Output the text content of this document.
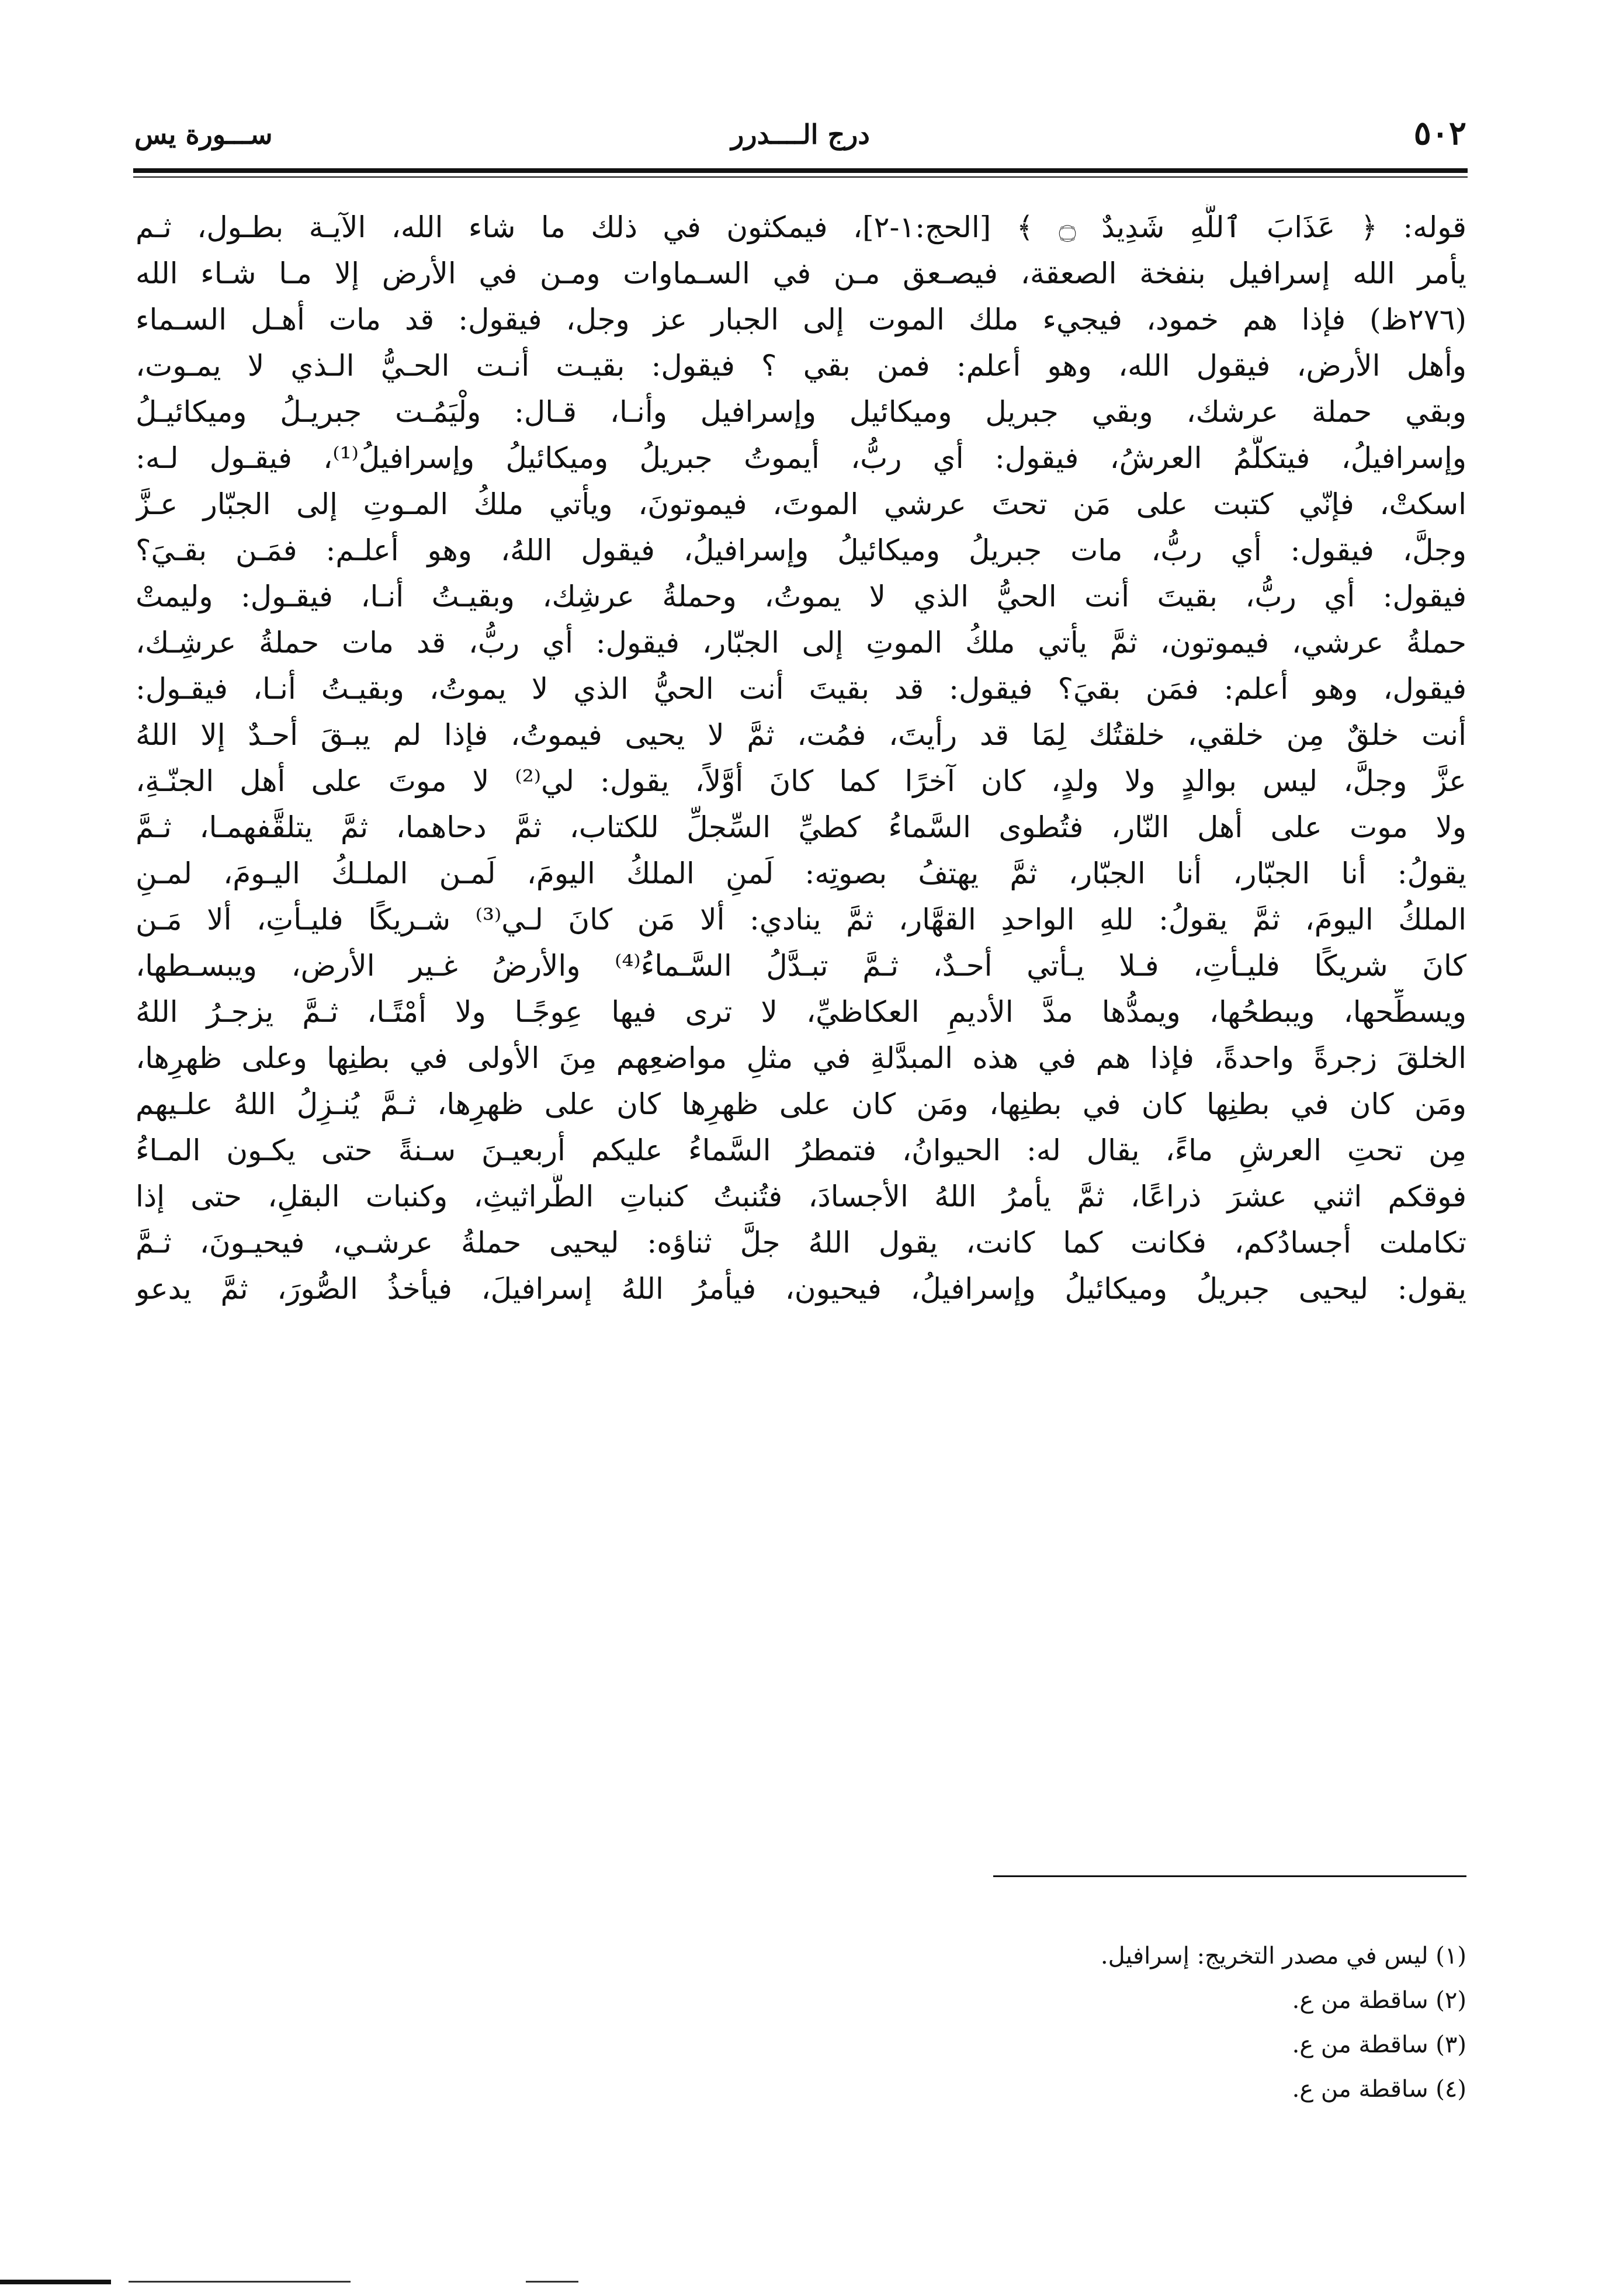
٥٠٢
درج الــــدرر
ســـورة يس
قوله: ﴿ عَذَابَ ٱللَّهِ شَدِيدٌ ۝ ﴾ [الحج:١-٢]، فيمكثون في ذلك ما شاء الله، الآيـة بطـول، ثـم
يأمر الله إسرافيل بنفخة الصعقة، فيصـعق مـن في السـماوات ومـن في الأرض إلا مـا شـاء الله
(٢٧٦ظ) فإذا هم خمود، فيجيء ملك الموت إلى الجبار عز وجل، فيقول: قد مات أهـل السـماء
وأهل الأرض، فيقول الله، وهو أعلم: فمن بقي ؟ فيقول: بقيـت أنـت الحـيُّ الـذي لا يمـوت،
وبقي حملة عرشك، وبقي جبريل وميكائيل وإسرافيل وأنـا، قـال: ولْيَمُـت جبريـلُ وميكائيـلُ
وإسرافيلُ، فيتكلَّمُ العرشُ، فيقول: أي ربُّ، أيموتُ جبريلُ وميكائيلُ وإسرافيلُ⁽¹⁾، فيقـول لـه:
اسكتْ، فإنّي كتبت على مَن تحتَ عرشي الموتَ، فيموتونَ، ويأتي ملكُ المـوتِ إلى الجبّار عـزَّ
وجلَّ، فيقول: أي ربُّ، مات جبريلُ وميكائيلُ وإسرافيلُ، فيقول اللهُ، وهو أعلـم: فمَـن بقـيَ؟
فيقول: أي ربُّ، بقيتَ أنت الحيُّ الذي لا يموتُ، وحملةُ عرشِك، وبقيـتُ أنـا، فيقـول: وليمتْ
حملةُ عرشي، فيموتون، ثمَّ يأتي ملكُ الموتِ إلى الجبّار، فيقول: أي ربُّ، قد مات حملةُ عرشِـك،
فيقول، وهو أعلم: فمَن بقيَ؟ فيقول: قد بقيتَ أنت الحيُّ الذي لا يموتُ، وبقيـتُ أنـا، فيقـول:
أنت خلقٌ مِن خلقي، خلقتُك لِمَا قد رأيتَ، فمُت، ثمَّ لا يحيى فيموتُ، فإذا لم يبـقَ أحـدٌ إلا اللهُ
عزَّ وجلَّ، ليس بوالدٍ ولا ولدٍ، كان آخرًا كما كانَ أوَّلاً، يقول: لي⁽²⁾ لا موتَ على أهل الجنّـةِ،
ولا موت على أهل النّار، فتُطوى السَّماءُ كطيِّ السِّجلِّ للكتاب، ثمَّ دحاهما، ثمَّ يتلقَّفهمـا، ثـمَّ
يقولُ: أنا الجبّار، أنا الجبّار، ثمَّ يهتفُ بصوتِه: لَمنِ الملكُ اليومَ، لَمـن الملـكُ اليـومَ، لمـنِ
الملكُ اليومَ، ثمَّ يقولُ: للهِ الواحدِ القهَّار، ثمَّ ينادي: ألا مَن كانَ لـي⁽³⁾ شـريكًا فليـأتِ، ألا مَـن
كانَ شريكًا فليـأتِ، فـلا يـأتي أحـدٌ، ثـمَّ تبـدَّلُ السَّـماءُ⁽⁴⁾ والأرضُ غـير الأرض، ويبسـطها،
ويسطِّحها، ويبطحُها، ويمدُّها مدَّ الأديمِ العكاظيِّ، لا ترى فيها عِوجًـا ولا أمْتًـا، ثـمَّ يزجـرُ اللهُ
الخلقَ زجرةً واحدةً، فإذا هم في هذه المبدَّلةِ في مثلِ مواضعِهم مِنَ الأولى في بطنِها وعلى ظهرِها،
ومَن كان في بطنِها كان في بطنِها، ومَن كان على ظهرِها كان على ظهرِها، ثـمَّ يُنـزِلُ اللهُ علـيهم
مِن تحتِ العرشِ ماءً، يقال له: الحيوانُ، فتمطرُ السَّماءُ عليكم أربعيـنَ سـنةً حتى يكـون المـاءُ
فوقكم اثني عشرَ ذراعًا، ثمَّ يأمرُ اللهُ الأجسادَ، فتُنبتُ كنباتِ الطَّراثيثِ، وكنبات البقلِ، حتى إذا
تكاملت أجسادُكم، فكانت كما كانت، يقول اللهُ جلَّ ثناؤه: ليحيى حملةُ عرشـي، فيحيـونَ، ثـمَّ
يقول: ليحيى جبريلُ وميكائيلُ وإسرافيلُ، فيحيون، فيأمرُ اللهُ إسرافيلَ، فيأخذُ الصُّورَ، ثمَّ يدعو
(١) ليس في مصدر التخريج: إسرافيل.
(٢) ساقطة من ع.
(٣) ساقطة من ع.
(٤) ساقطة من ع.
